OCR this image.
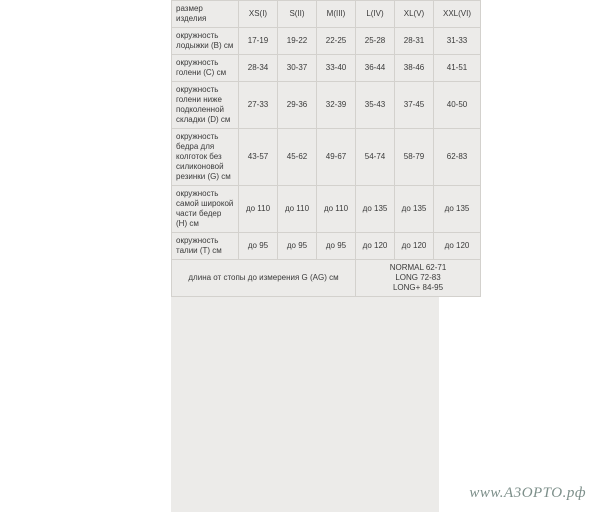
размер изделия	XS(I)	S(II)	M(III)	L(IV)	XL(V)	XXL(VI)
окружность лодыжки (B) см	17-19	19-22	22-25	25-28	28-31	31-33
окружность голени (C) см	28-34	30-37	33-40	36-44	38-46	41-51
окружность голени ниже подколенной складки (D) см	27-33	29-36	32-39	35-43	37-45	40-50
окружность бедра для колготок без силиконовой резинки (G) см	43-57	45-62	49-67	54-74	58-79	62-83
окружность самой широкой части бедер (H) см	до 110	до 110	до 110	до 135	до 135	до 135
окружность талии (T) см	до 95	до 95	до 95	до 120	до 120	до 120
длина от стопы до измерения G (AG) см				NORMAL 62-71
LONG 72-83
LONG+ 84-95		
www.A3OPTO.рф
